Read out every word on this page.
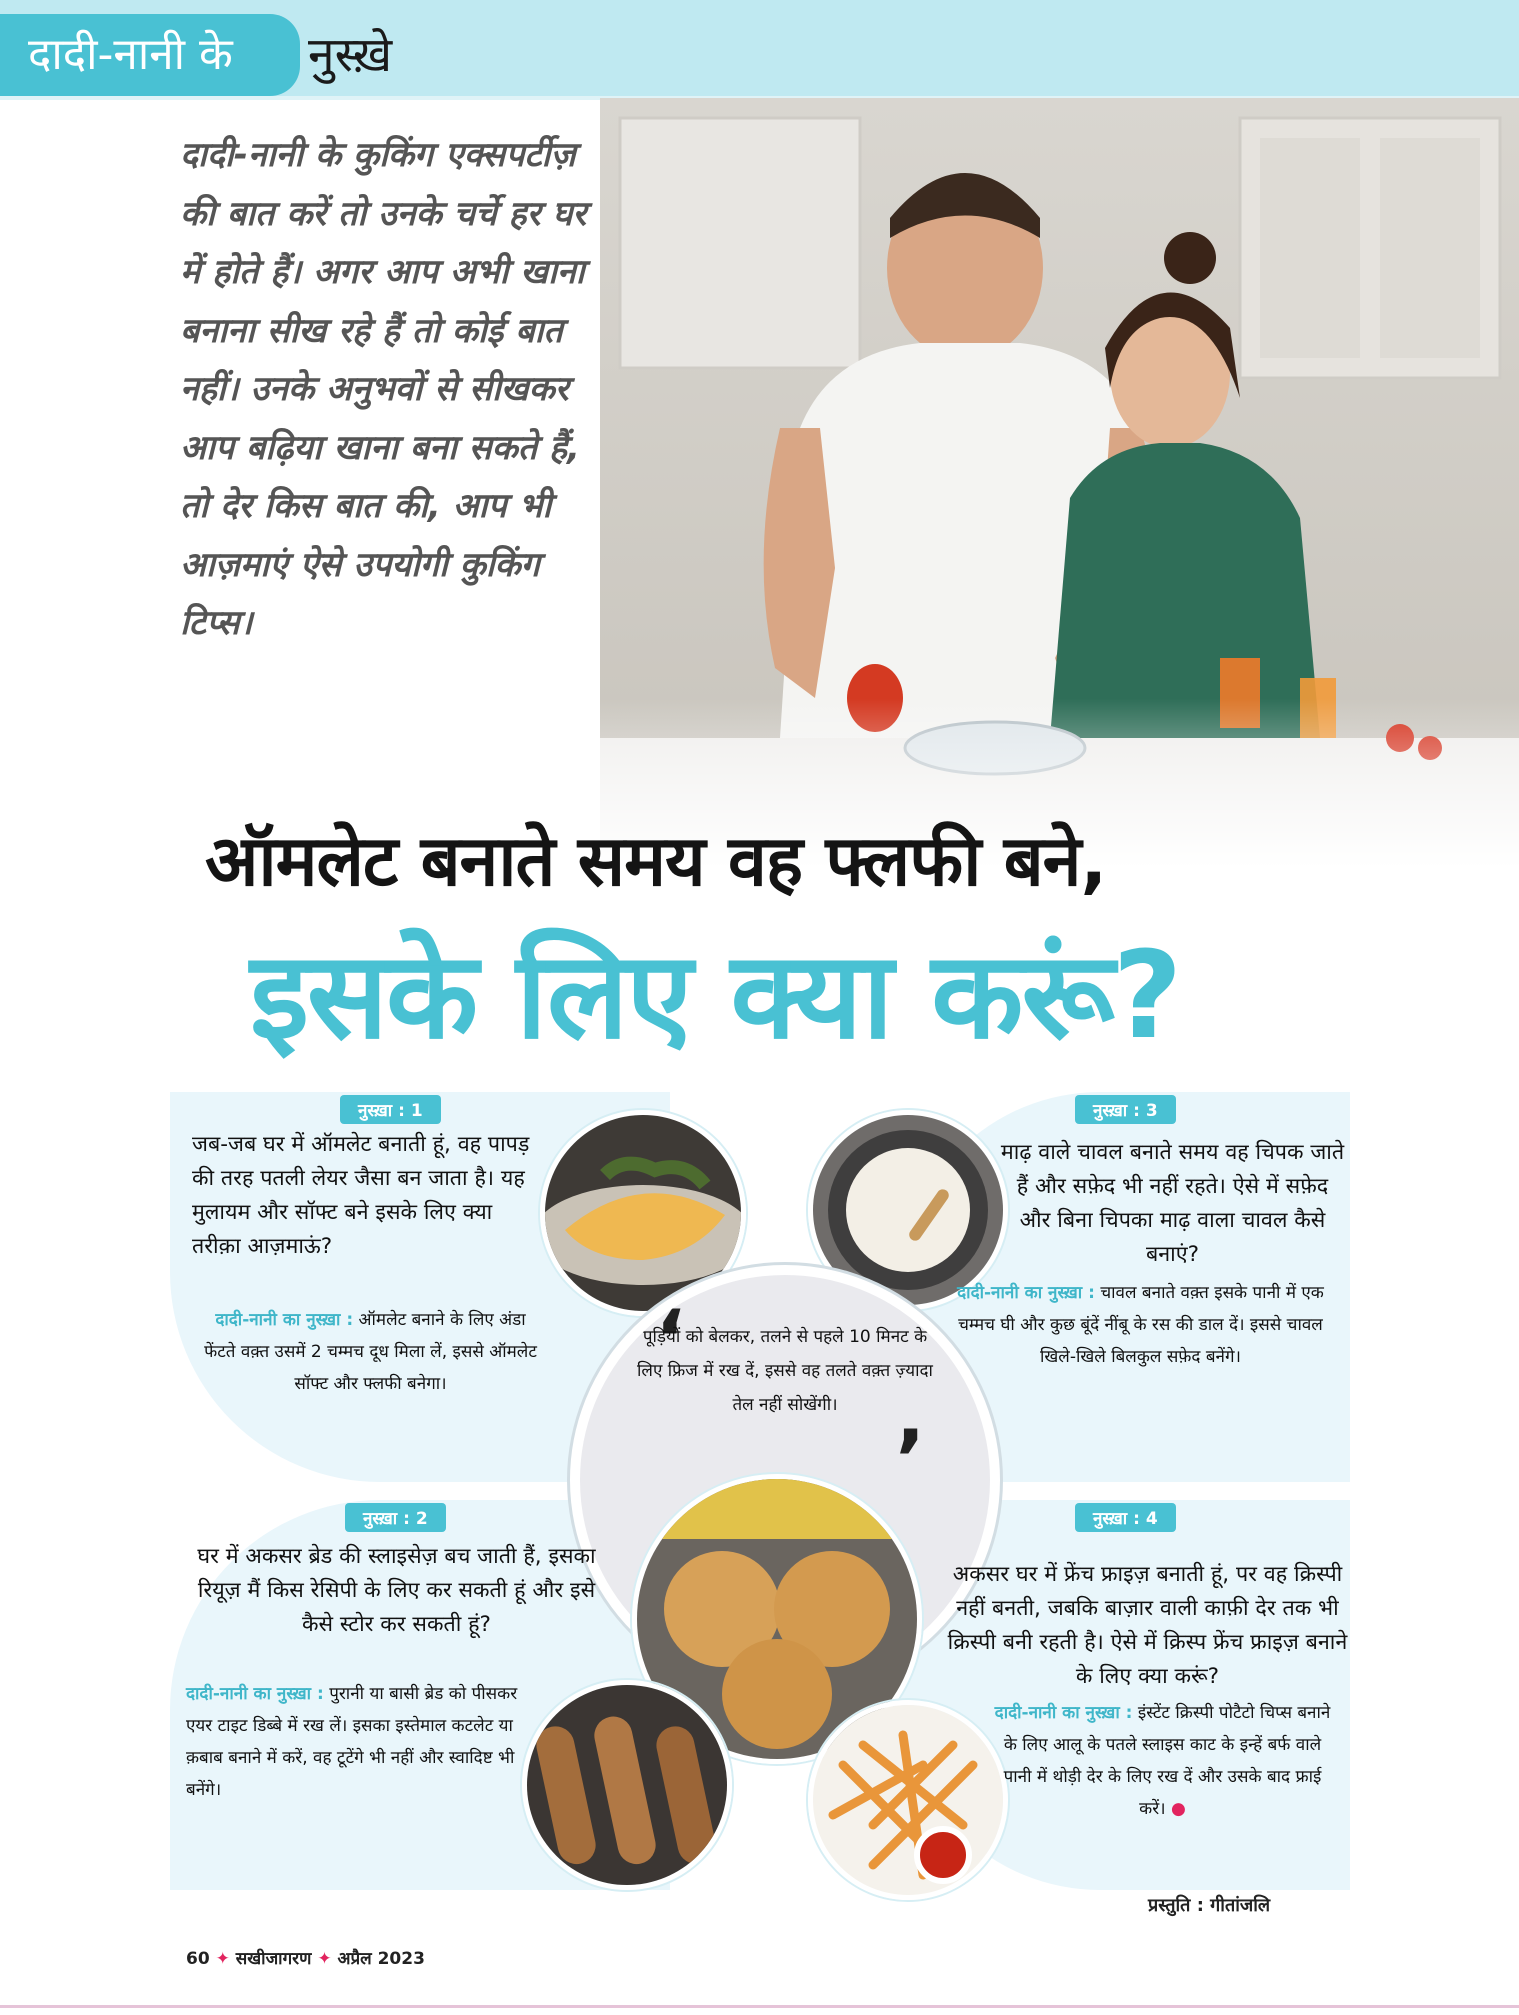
दादी-नानी के	नुस्ख़े
दादी-नानी के कुकिंग एक्सपर्टीज़ की बात करें तो उनके चर्चे हर घर में होते हैं। अगर आप अभी खाना बनाना सीख रहे हैं तो कोई बात नहीं। उनके अनुभवों से सीखकर आप बढ़िया खाना बना सकते हैं, तो देर किस बात की, आप भी आज़माएं ऐसे उपयोगी कुकिंग टिप्स।
ऑमलेट बनाते समय वह फ्लफी बने,
इसके लिए क्या करूं?
नुस्ख़ा : 1
जब-जब घर में ऑमलेट बनाती हूं, वह पापड़ की तरह पतली लेयर जैसा बन जाता है। यह मुलायम और सॉफ्ट बने इसके लिए क्या तरीक़ा आज़माऊं?
दादी-नानी का नुस्ख़ा : ऑमलेट बनाने के लिए अंडा फेंटते वक़्त उसमें 2 चम्मच दूध मिला लें, इससे ऑमलेट सॉफ्ट और फ्लफी बनेगा।
नुस्ख़ा : 3
माढ़ वाले चावल बनाते समय वह चिपक जाते हैं और सफ़ेद भी नहीं रहते। ऐसे में सफ़ेद और बिना चिपका माढ़ वाला चावल कैसे बनाएं?
दादी-नानी का नुस्ख़ा : चावल बनाते वक़्त इसके पानी में एक चम्मच घी और कुछ बूंदें नींबू के रस की डाल दें। इससे चावल खिले-खिले बिलकुल सफ़ेद बनेंगे।
‘
पूड़ियों को बेलकर, तलने से पहले 10 मिनट के लिए फ्रिज में रख दें, इससे वह तलते वक़्त ज़्यादा तेल नहीं सोखेंगी।
’
नुस्ख़ा : 2
घर में अकसर ब्रेड की स्लाइसेज़ बच जाती हैं, इसका रियूज़ मैं किस रेसिपी के लिए कर सकती हूं और इसे कैसे स्टोर कर सकती हूं?
दादी-नानी का नुस्ख़ा : पुरानी या बासी ब्रेड को पीसकर एयर टाइट डिब्बे में रख लें। इसका इस्तेमाल कटलेट या क़बाब बनाने में करें, वह टूटेंगे भी नहीं और स्वादिष्ट भी बनेंगे।
नुस्ख़ा : 4
अकसर घर में फ्रेंच फ्राइज़ बनाती हूं, पर वह क्रिस्पी नहीं बनती, जबकि बाज़ार वाली काफ़ी देर तक भी क्रिस्पी बनी रहती है। ऐसे में क्रिस्प फ्रेंच फ्राइज़ बनाने के लिए क्या करूं?
दादी-नानी का नुस्ख़ा : इंस्टेंट क्रिस्पी पोटैटो चिप्स बनाने के लिए आलू के पतले स्लाइस काट के इन्हें बर्फ वाले पानी में थोड़ी देर के लिए रख दें और उसके बाद फ्राई करें। ●
प्रस्तुति : गीतांजलि
60 ✦ सखीजागरण ✦ अप्रैल 2023
